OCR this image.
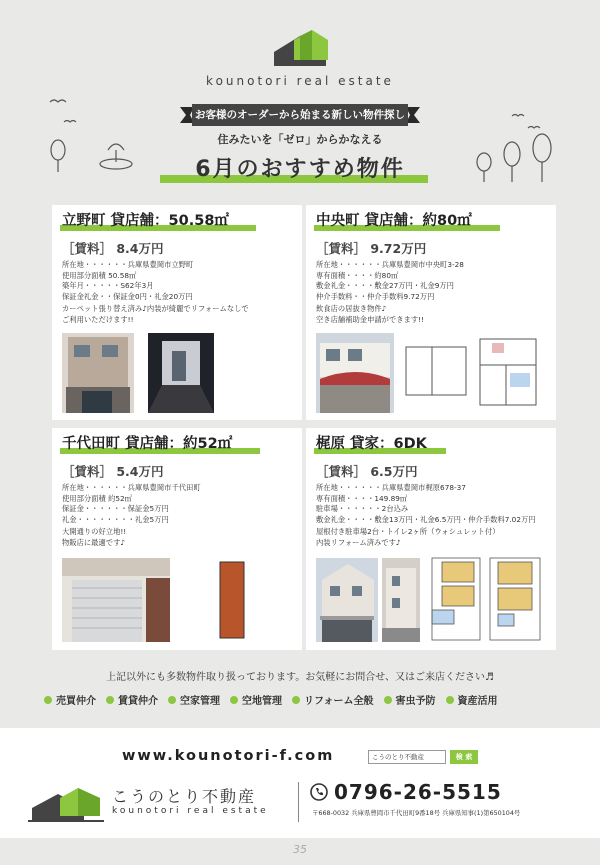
kounotori real estate
お客様のオーダーから始まる新しい物件探し
住みたいを「ゼロ」からかなえる
6月のおすすめ物件
立野町 貸店舗：50.58㎡
［賃料］ 8.4万円
所在地・・・・・・兵庫県豊岡市立野町
使用部分面積 50.58㎡
築年月・・・・・S62年3月
保証金礼金・・保証金0円・礼金20万円
カーペット張り替え済み♪内装が綺麗でリフォームなしで
ご利用いただけます!!
中央町 貸店舗：約80㎡
［賃料］ 9.72万円
所在地・・・・・・兵庫県豊岡市中央町3-28
専有面積・・・・約80㎡
敷金礼金・・・・敷金27万円・礼金9万円
仲介手数料・・仲介手数料9.72万円
飲食店の居抜き物件♪
空き店舗補助金申請ができます!!
千代田町 貸店舗：約52㎡
［賃料］ 5.4万円
所在地・・・・・・兵庫県豊岡市千代田町
使用部分面積 約52㎡
保証金・・・・・・保証金5万円
礼金・・・・・・・・礼金5万円
大開通りの好立地!!
物販店に最適です♪
梶原 貸家：6DK
［賃料］ 6.5万円
所在地・・・・・・兵庫県豊岡市梶原678-37
専有面積・・・・149.89㎡
駐車場・・・・・・2台込み
敷金礼金・・・・敷金13万円・礼金6.5万円・仲介手数料7.02万円
屋根付き駐車場2台・トイレ2ヶ所（ウォシュレット付）
内装リフォーム済みです♪
上記以外にも多数物件取り扱っております。お気軽にお問合せ、又はご来店ください♬
売買仲介 賃貸仲介 空家管理 空地管理 リフォーム全般 害虫予防 資産活用
www.kounotori-f.com	こうのとり不動産	検 索
こうのとり不動産
kounotori real estate
0796-26-5515
〒668-0032 兵庫県豊岡市千代田町9番18号 兵庫県知事(1)第650104号
35
